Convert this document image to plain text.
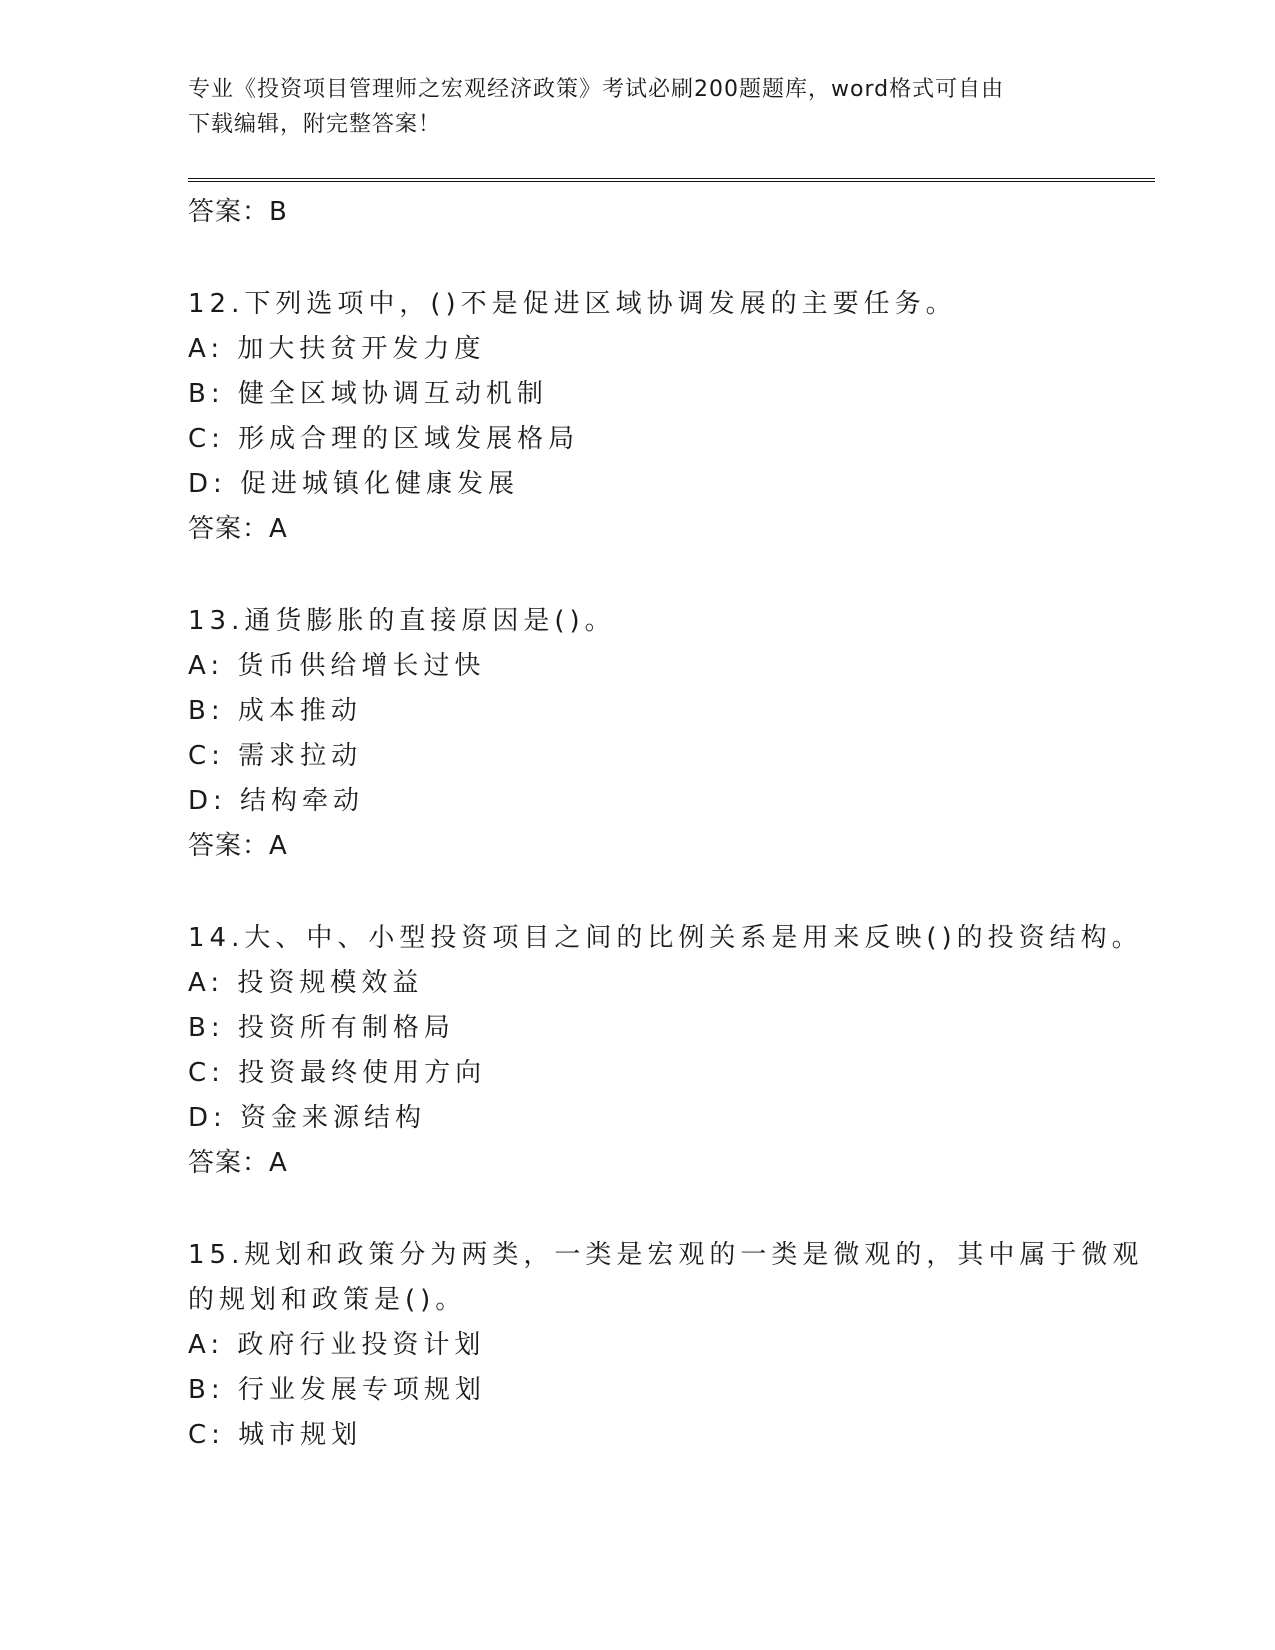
专业《投资项目管理师之宏观经济政策》考试必刷200题题库，word格式可自由
下载编辑，附完整答案！
答案：B
12.下列选项中，()不是促进区域协调发展的主要任务。
A: 加大扶贫开发力度
B: 健全区域协调互动机制
C: 形成合理的区域发展格局
D: 促进城镇化健康发展
答案：A
13.通货膨胀的直接原因是()。
A: 货币供给增长过快
B: 成本推动
C: 需求拉动
D: 结构牵动
答案：A
14.大、中、小型投资项目之间的比例关系是用来反映()的投资结构。
A: 投资规模效益
B: 投资所有制格局
C: 投资最终使用方向
D: 资金来源结构
答案：A
15.规划和政策分为两类，一类是宏观的一类是微观的，其中属于微观
的规划和政策是()。
A: 政府行业投资计划
B: 行业发展专项规划
C: 城市规划
